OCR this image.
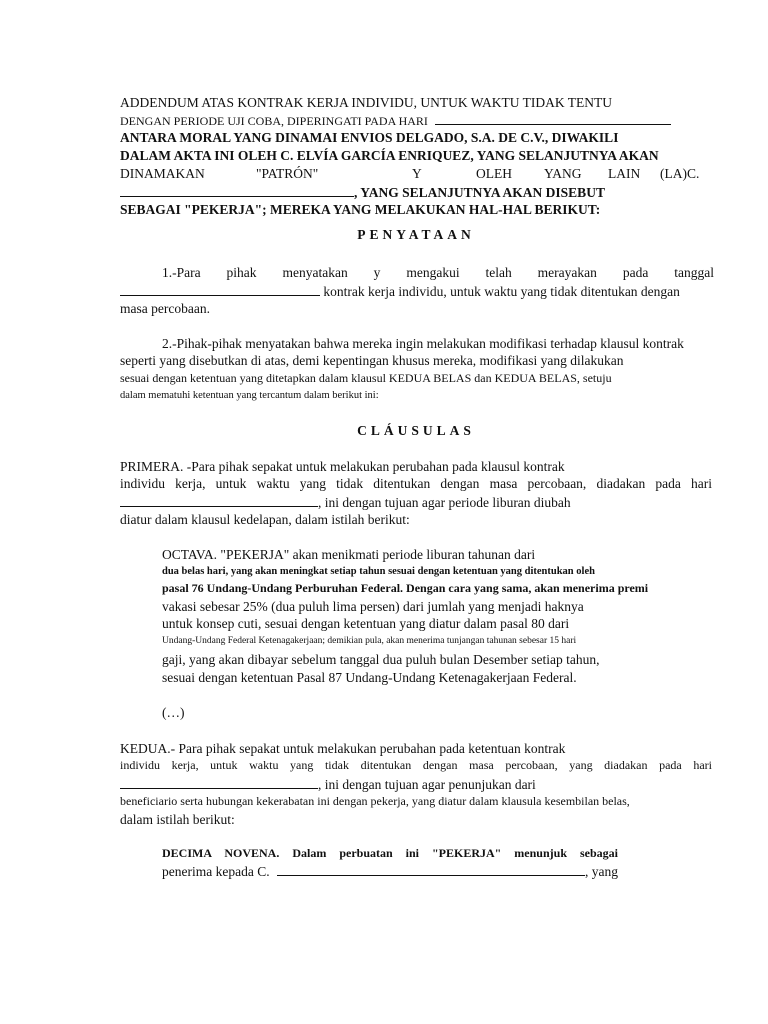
ADDENDUM ATAS KONTRAK KERJA INDIVIDU, UNTUK WAKTU TIDAK TENTU
DENGAN PERIODE UJI COBA, DIPERINGATI PADA HARI
ANTARA MORAL YANG DINAMAI ENVIOS DELGADO, S.A. DE C.V., DIWAKILI
DALAM AKTA INI OLEH C. ELVÍA GARCÍA ENRIQUEZ, YANG SELANJUTNYA AKAN
DINAMAKAN	"PATRÓN"	Y	OLEH YANG LAIN (LA)C.
, YANG SELANJUTNYA AKAN DISEBUT
SEBAGAI "PEKERJA"; MEREKA YANG MELAKUKAN HAL-HAL BERIKUT:
PENYATAAN
1.-Para pihak menyatakan y mengakui telah merayakan pada tanggal
kontrak kerja individu, untuk waktu yang tidak ditentukan dengan
masa percobaan.
2.-Pihak-pihak menyatakan bahwa mereka ingin melakukan modifikasi terhadap klausul kontrak
seperti yang disebutkan di atas, demi kepentingan khusus mereka, modifikasi yang dilakukan
sesuai dengan ketentuan yang ditetapkan dalam klausul KEDUA BELAS dan KEDUA BELAS, setuju
dalam mematuhi ketentuan yang tercantum dalam berikut ini:
CLÁUSULAS
PRIMERA. -Para pihak sepakat untuk melakukan perubahan pada klausul kontrak
individu kerja, untuk waktu yang tidak ditentukan dengan masa percobaan, diadakan pada hari
, ini dengan tujuan agar periode liburan diubah
diatur dalam klausul kedelapan, dalam istilah berikut:
OCTAVA. "PEKERJA" akan menikmati periode liburan tahunan dari
dua belas hari, yang akan meningkat setiap tahun sesuai dengan ketentuan yang ditentukan oleh
pasal 76 Undang-Undang Perburuhan Federal. Dengan cara yang sama, akan menerima premi
vakasi sebesar 25% (dua puluh lima persen) dari jumlah yang menjadi haknya
untuk konsep cuti, sesuai dengan ketentuan yang diatur dalam pasal 80 dari
Undang-Undang Federal Ketenagakerjaan; demikian pula, akan menerima tunjangan tahunan sebesar 15 hari
gaji, yang akan dibayar sebelum tanggal dua puluh bulan Desember setiap tahun,
sesuai dengan ketentuan Pasal 87 Undang-Undang Ketenagakerjaan Federal.
(…)
KEDUA.- Para pihak sepakat untuk melakukan perubahan pada ketentuan kontrak
individu kerja, untuk waktu yang tidak ditentukan dengan masa percobaan, yang diadakan pada hari
, ini dengan tujuan agar penunjukan dari
beneficiario serta hubungan kekerabatan ini dengan pekerja, yang diatur dalam klausula kesembilan belas,
dalam istilah berikut:
DECIMA NOVENA. Dalam perbuatan ini "PEKERJA" menunjuk sebagai
penerima kepada C.	, yang
